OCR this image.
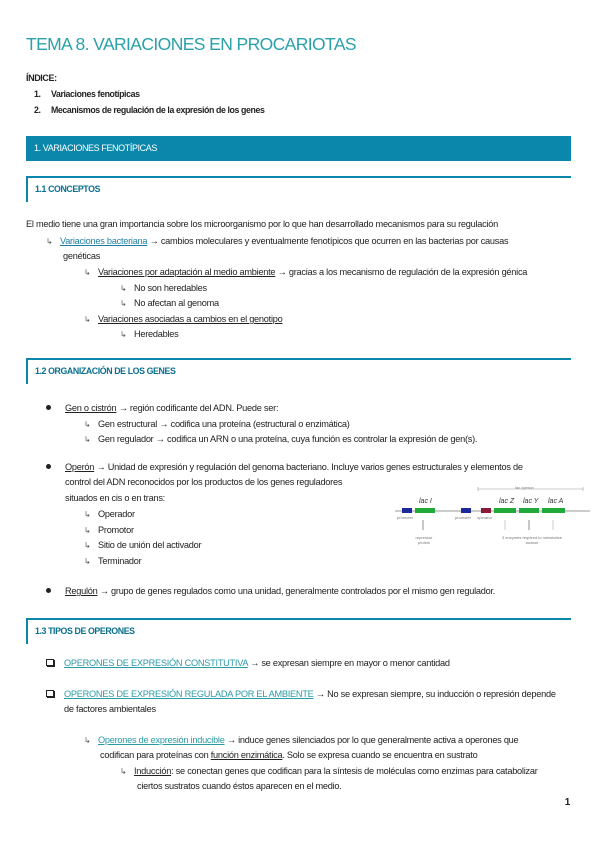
TEMA 8. VARIACIONES EN PROCARIOTAS
ÍNDICE:
1. Variaciones fenotípicas
2. Mecanismos de regulación de la expresión de los genes
1. VARIACIONES FENOTÍPICAS
1.1 CONCEPTOS
El medio tiene una gran importancia sobre los microorganismo por lo que han desarrollado mecanismos para su regulación
↳ Variaciones bacteriana → cambios moleculares y eventualmente fenotípicos que ocurren en las bacterias por causas
genéticas
↳ Variaciones por adaptación al medio ambiente → gracias a los mecanismo de regulación de la expresión génica
↳ No son heredables
↳ No afectan al genoma
↳ Variaciones asociadas a cambios en el genotipo
↳ Heredables
1.2 ORGANIZACIÓN DE LOS GENES
Gen o cistrón → región codificante del ADN. Puede ser:
↳ Gen estructural → codifica una proteína (estructural o enzimática)
↳ Gen regulador → codifica un ARN o una proteína, cuya función es controlar la expresión de gen(s).
Operón → Unidad de expresión y regulación del genoma bacteriano. Incluye varios genes estructurales y elementos de
control del ADN reconocidos por los productos de los genes reguladores
situados en cis o en trans:
↳ Operador
↳ Promotor
↳ Sitio de unión del activador
↳ Terminador
lac operon
lac I	lac Z lac Y lac A
promoter	promoter operator
repressor protein
3 enzymes required to metabolize lactose
Regulón → grupo de genes regulados como una unidad, generalmente controlados por el mismo gen regulador.
1.3 TIPOS DE OPERONES
OPERONES DE EXPRESIÓN CONSTITUTIVA → se expresan siempre en mayor o menor cantidad
OPERONES DE EXPRESIÓN REGULADA POR EL AMBIENTE → No se expresan siempre, su inducción o represión depende
de factores ambientales
↳ Operones de expresión inducible → induce genes silenciados por lo que generalmente activa a operones que
codifican para proteínas con función enzimática. Solo se expresa cuando se encuentra en sustrato
↳ Inducción: se conectan genes que codifican para la síntesis de moléculas como enzimas para catabolizar
ciertos sustratos cuando éstos aparecen en el medio.
1
